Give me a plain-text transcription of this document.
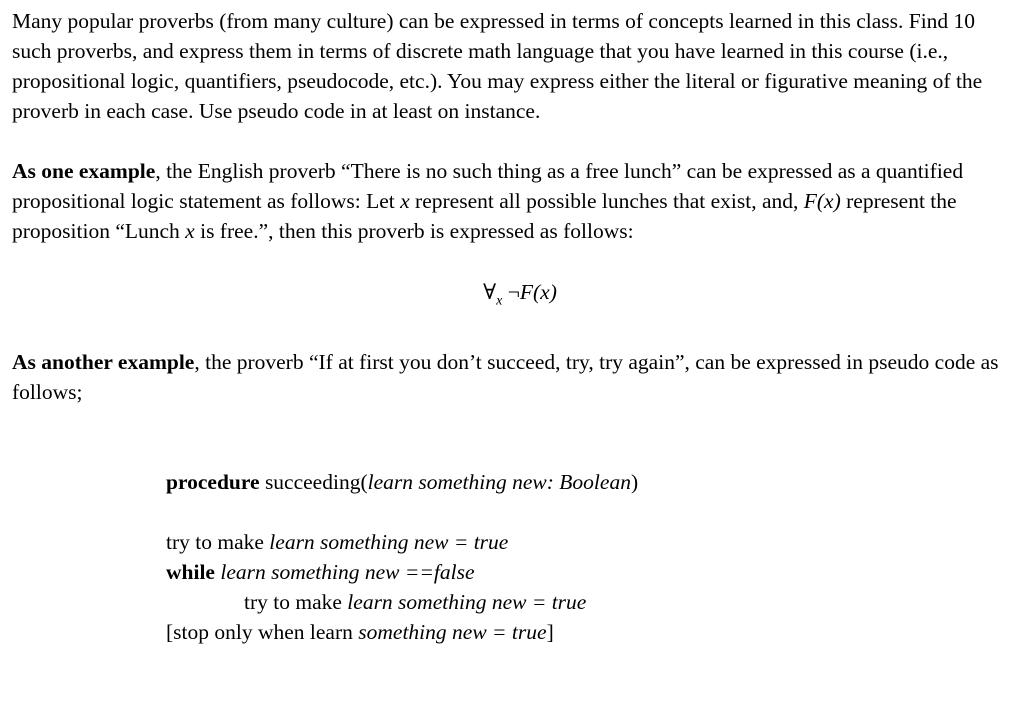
Many popular proverbs (from many culture) can be expressed in terms of concepts learned in this class. Find 10 such proverbs, and express them in terms of discrete math language that you have learned in this course (i.e., propositional logic, quantifiers, pseudocode, etc.). You may express either the literal or figurative meaning of the proverb in each case. Use pseudo code in at least on instance.

As one example, the English proverb “There is no such thing as a free lunch” can be expressed as a quantified propositional logic statement as follows: Let x represent all possible lunches that exist, and, F(x) represent the proposition “Lunch x is free.”, then this proverb is expressed as follows:

$\forall_x$ ¬F(x)

As another example, the proverb “If at first you don’t succeed, try, try again”, can be expressed in pseudo code as follows;

procedure succeeding(learn something new: Boolean)
try to make learn something new = true
while learn something new ==false
try to make learn something new = true
[stop only when learn something new = true]
